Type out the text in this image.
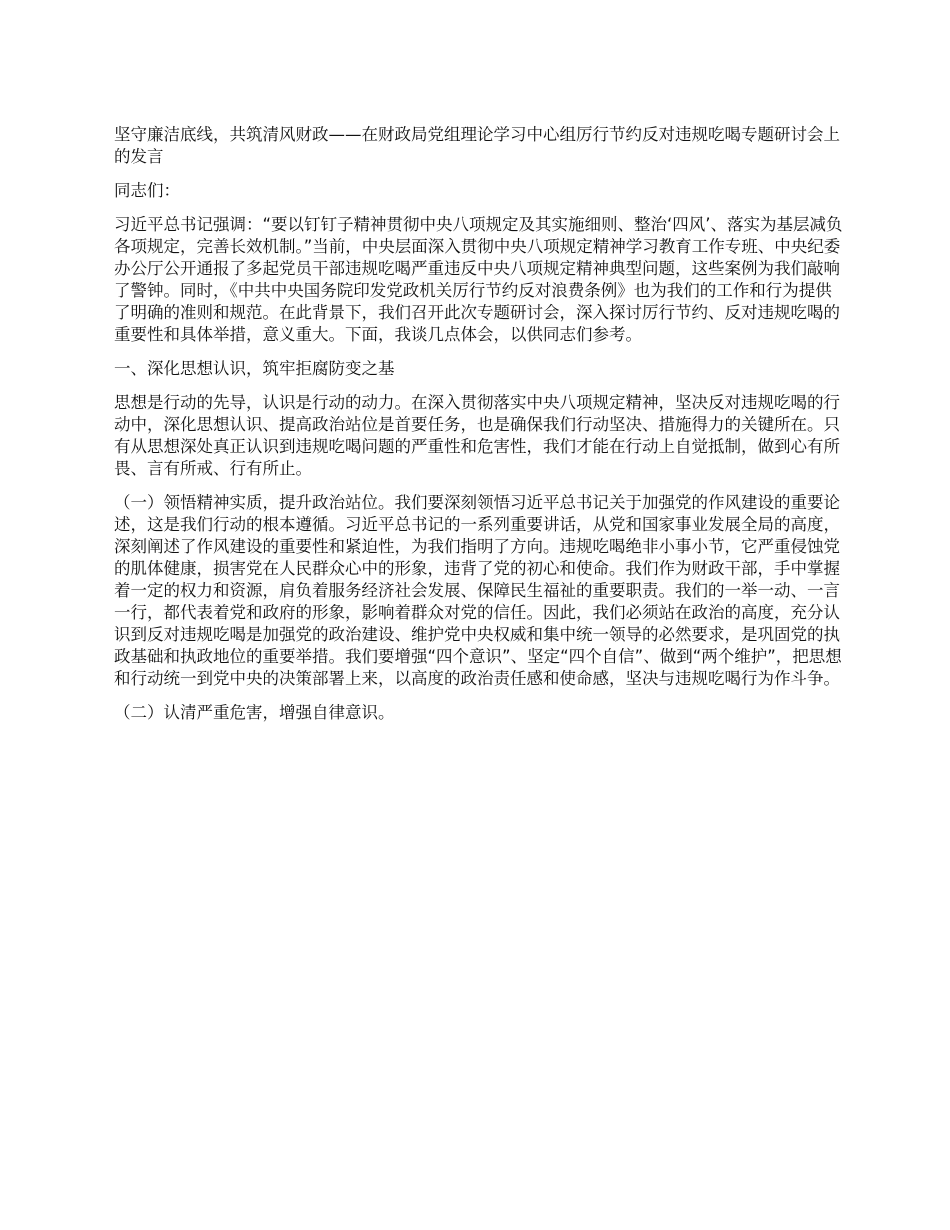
坚守廉洁底线，共筑清风财政——在财政局党组理论学习中心组厉行节约反对违规吃喝专题研讨会上的发言

同志们：

习近平总书记强调：“要以钉钉子精神贯彻中央八项规定及其实施细则、整治‘四风’、落实为基层减负各项规定，完善长效机制。”当前，中央层面深入贯彻中央八项规定精神学习教育工作专班、中央纪委办公厅公开通报了多起党员干部违规吃喝严重违反中央八项规定精神典型问题，这些案例为我们敲响了警钟。同时，《中共中央国务院印发党政机关厉行节约反对浪费条例》也为我们的工作和行为提供了明确的准则和规范。在此背景下，我们召开此次专题研讨会，深入探讨厉行节约、反对违规吃喝的重要性和具体举措，意义重大。下面，我谈几点体会，以供同志们参考。

一、深化思想认识，筑牢拒腐防变之基

思想是行动的先导，认识是行动的动力。在深入贯彻落实中央八项规定精神，坚决反对违规吃喝的行动中，深化思想认识、提高政治站位是首要任务，也是确保我们行动坚决、措施得力的关键所在。只有从思想深处真正认识到违规吃喝问题的严重性和危害性，我们才能在行动上自觉抵制，做到心有所畏、言有所戒、行有所止。

（一）领悟精神实质，提升政治站位。我们要深刻领悟习近平总书记关于加强党的作风建设的重要论述，这是我们行动的根本遵循。习近平总书记的一系列重要讲话，从党和国家事业发展全局的高度，深刻阐述了作风建设的重要性和紧迫性，为我们指明了方向。违规吃喝绝非小事小节，它严重侵蚀党的肌体健康，损害党在人民群众心中的形象，违背了党的初心和使命。我们作为财政干部，手中掌握着一定的权力和资源，肩负着服务经济社会发展、保障民生福祉的重要职责。我们的一举一动、一言一行，都代表着党和政府的形象，影响着群众对党的信任。因此，我们必须站在政治的高度，充分认识到反对违规吃喝是加强党的政治建设、维护党中央权威和集中统一领导的必然要求，是巩固党的执政基础和执政地位的重要举措。我们要增强“四个意识”、坚定“四个自信”、做到“两个维护”，把思想和行动统一到党中央的决策部署上来，以高度的政治责任感和使命感，坚决与违规吃喝行为作斗争。

（二）认清严重危害，增强自律意识。
